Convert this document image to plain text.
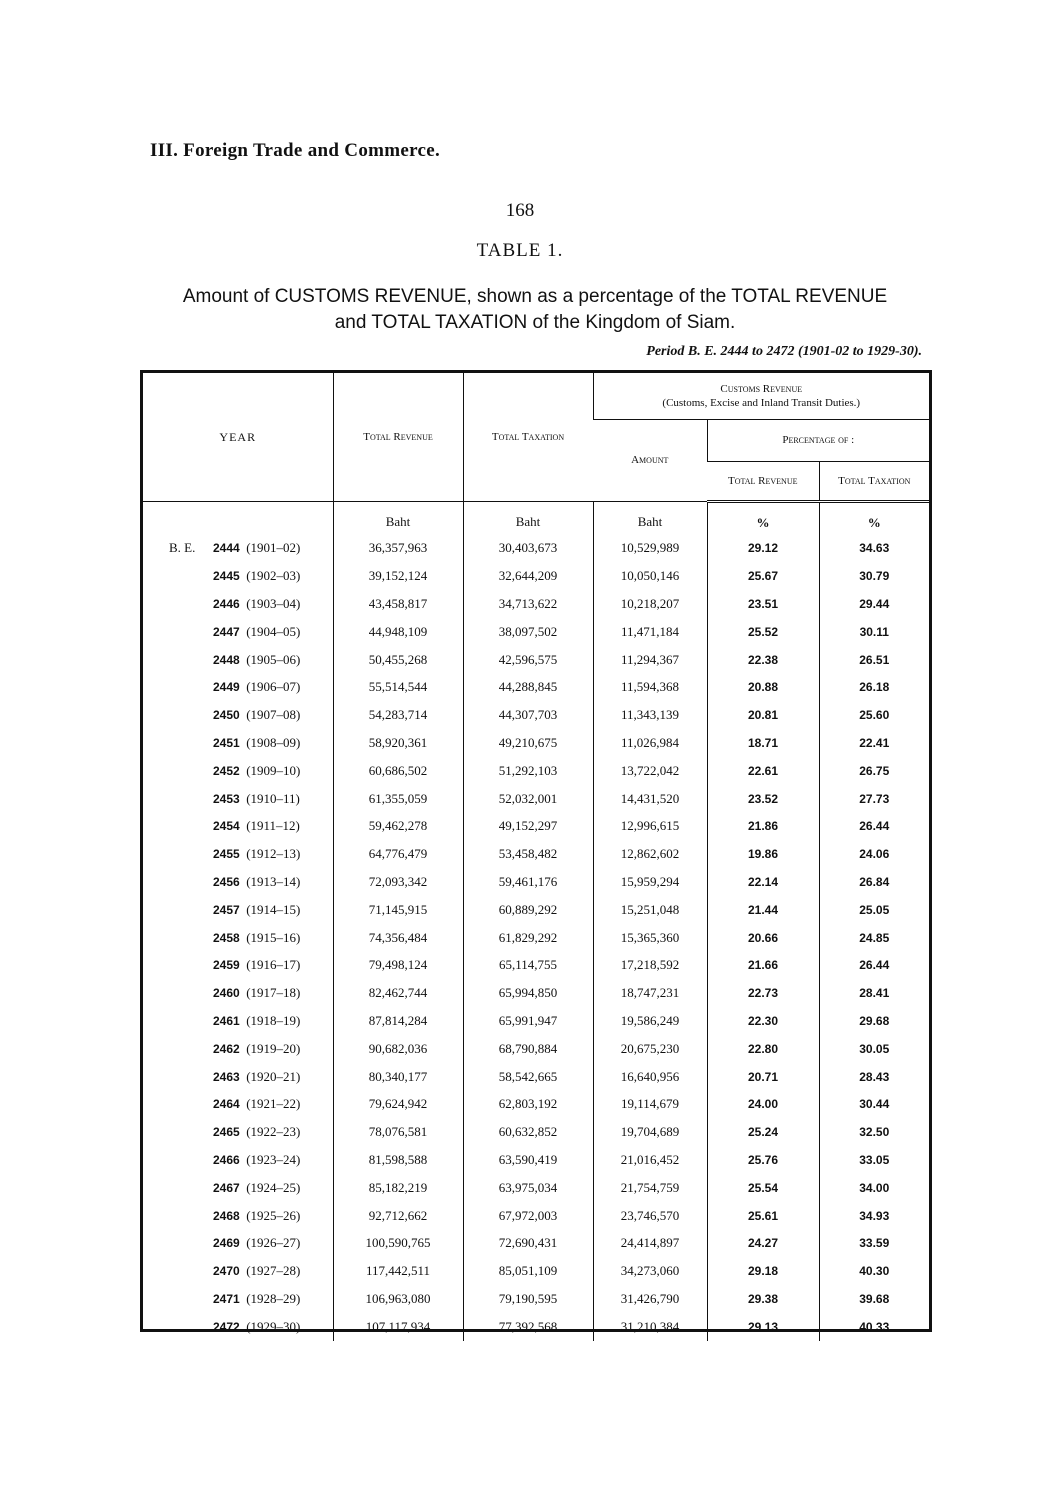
III. Foreign Trade and Commerce.
168
TABLE 1.
Amount of CUSTOMS REVENUE, shown as a percentage of the TOTAL REVENUE
and TOTAL TAXATION of the Kingdom of Siam.
Period B. E. 2444 to 2472 (1901-02 to 1929-30).
YEAR	Total Revenue	Total Taxation	Customs Revenue
(Customs, Excise and Inland Transit Duties.)		

			Amount	Percentage of :	
				Total Revenue	Total Taxation
	Baht	Baht	Baht	%	%
B. E. 2444 (1901–02)	36,357,963	30,403,673	10,529,989	29.12	34.63
2445 (1902–03)	39,152,124	32,644,209	10,050,146	25.67	30.79
2446 (1903–04)	43,458,817	34,713,622	10,218,207	23.51	29.44
2447 (1904–05)	44,948,109	38,097,502	11,471,184	25.52	30.11
2448 (1905–06)	50,455,268	42,596,575	11,294,367	22.38	26.51
2449 (1906–07)	55,514,544	44,288,845	11,594,368	20.88	26.18
2450 (1907–08)	54,283,714	44,307,703	11,343,139	20.81	25.60
2451 (1908–09)	58,920,361	49,210,675	11,026,984	18.71	22.41
2452 (1909–10)	60,686,502	51,292,103	13,722,042	22.61	26.75
2453 (1910–11)	61,355,059	52,032,001	14,431,520	23.52	27.73
2454 (1911–12)	59,462,278	49,152,297	12,996,615	21.86	26.44
2455 (1912–13)	64,776,479	53,458,482	12,862,602	19.86	24.06
2456 (1913–14)	72,093,342	59,461,176	15,959,294	22.14	26.84
2457 (1914–15)	71,145,915	60,889,292	15,251,048	21.44	25.05
2458 (1915–16)	74,356,484	61,829,292	15,365,360	20.66	24.85
2459 (1916–17)	79,498,124	65,114,755	17,218,592	21.66	26.44
2460 (1917–18)	82,462,744	65,994,850	18,747,231	22.73	28.41
2461 (1918–19)	87,814,284	65,991,947	19,586,249	22.30	29.68
2462 (1919–20)	90,682,036	68,790,884	20,675,230	22.80	30.05
2463 (1920–21)	80,340,177	58,542,665	16,640,956	20.71	28.43
2464 (1921–22)	79,624,942	62,803,192	19,114,679	24.00	30.44
2465 (1922–23)	78,076,581	60,632,852	19,704,689	25.24	32.50
2466 (1923–24)	81,598,588	63,590,419	21,016,452	25.76	33.05
2467 (1924–25)	85,182,219	63,975,034	21,754,759	25.54	34.00
2468 (1925–26)	92,712,662	67,972,003	23,746,570	25.61	34.93
2469 (1926–27)	100,590,765	72,690,431	24,414,897	24.27	33.59
2470 (1927–28)	117,442,511	85,051,109	34,273,060	29.18	40.30
2471 (1928–29)	106,963,080	79,190,595	31,426,790	29.38	39.68
2472 (1929–30)	107,117,934	77,392,568	31,210,384	29.13	40.33
